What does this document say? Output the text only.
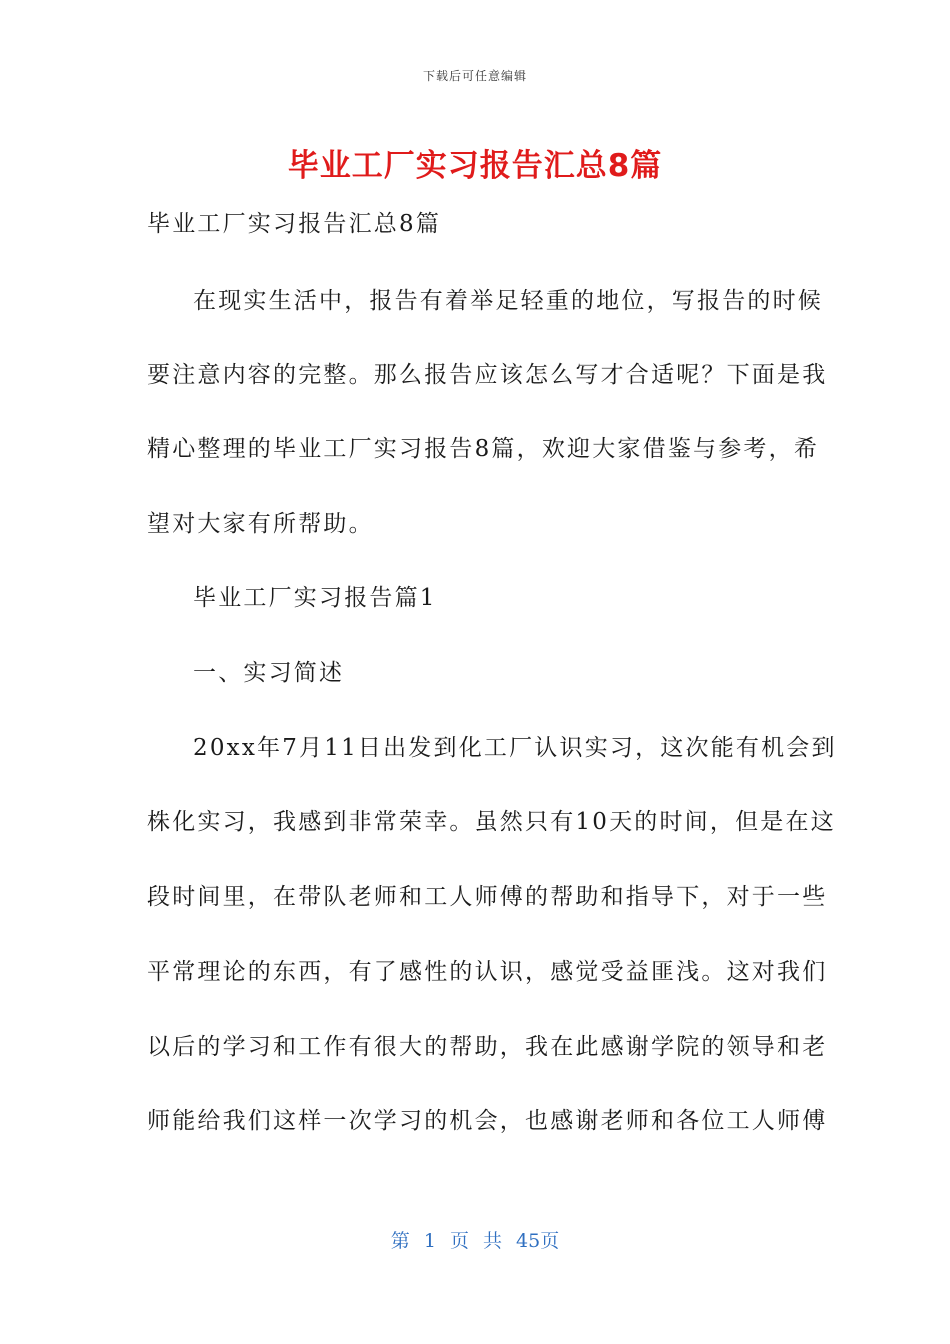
下载后可任意编辑
毕业工厂实习报告汇总8篇
毕业工厂实习报告汇总8篇
在现实生活中，报告有着举足轻重的地位，写报告的时候
要注意内容的完整。那么报告应该怎么写才合适呢？下面是我
精心整理的毕业工厂实习报告8篇，欢迎大家借鉴与参考，希
望对大家有所帮助。
毕业工厂实习报告篇1
一、实习简述
20xx年7月11日出发到化工厂认识实习，这次能有机会到
株化实习，我感到非常荣幸。虽然只有10天的时间，但是在这
段时间里，在带队老师和工人师傅的帮助和指导下，对于一些
平常理论的东西，有了感性的认识，感觉受益匪浅。这对我们
以后的学习和工作有很大的帮助，我在此感谢学院的领导和老
师能给我们这样一次学习的机会，也感谢老师和各位工人师傅
第 1 页 共 45页
